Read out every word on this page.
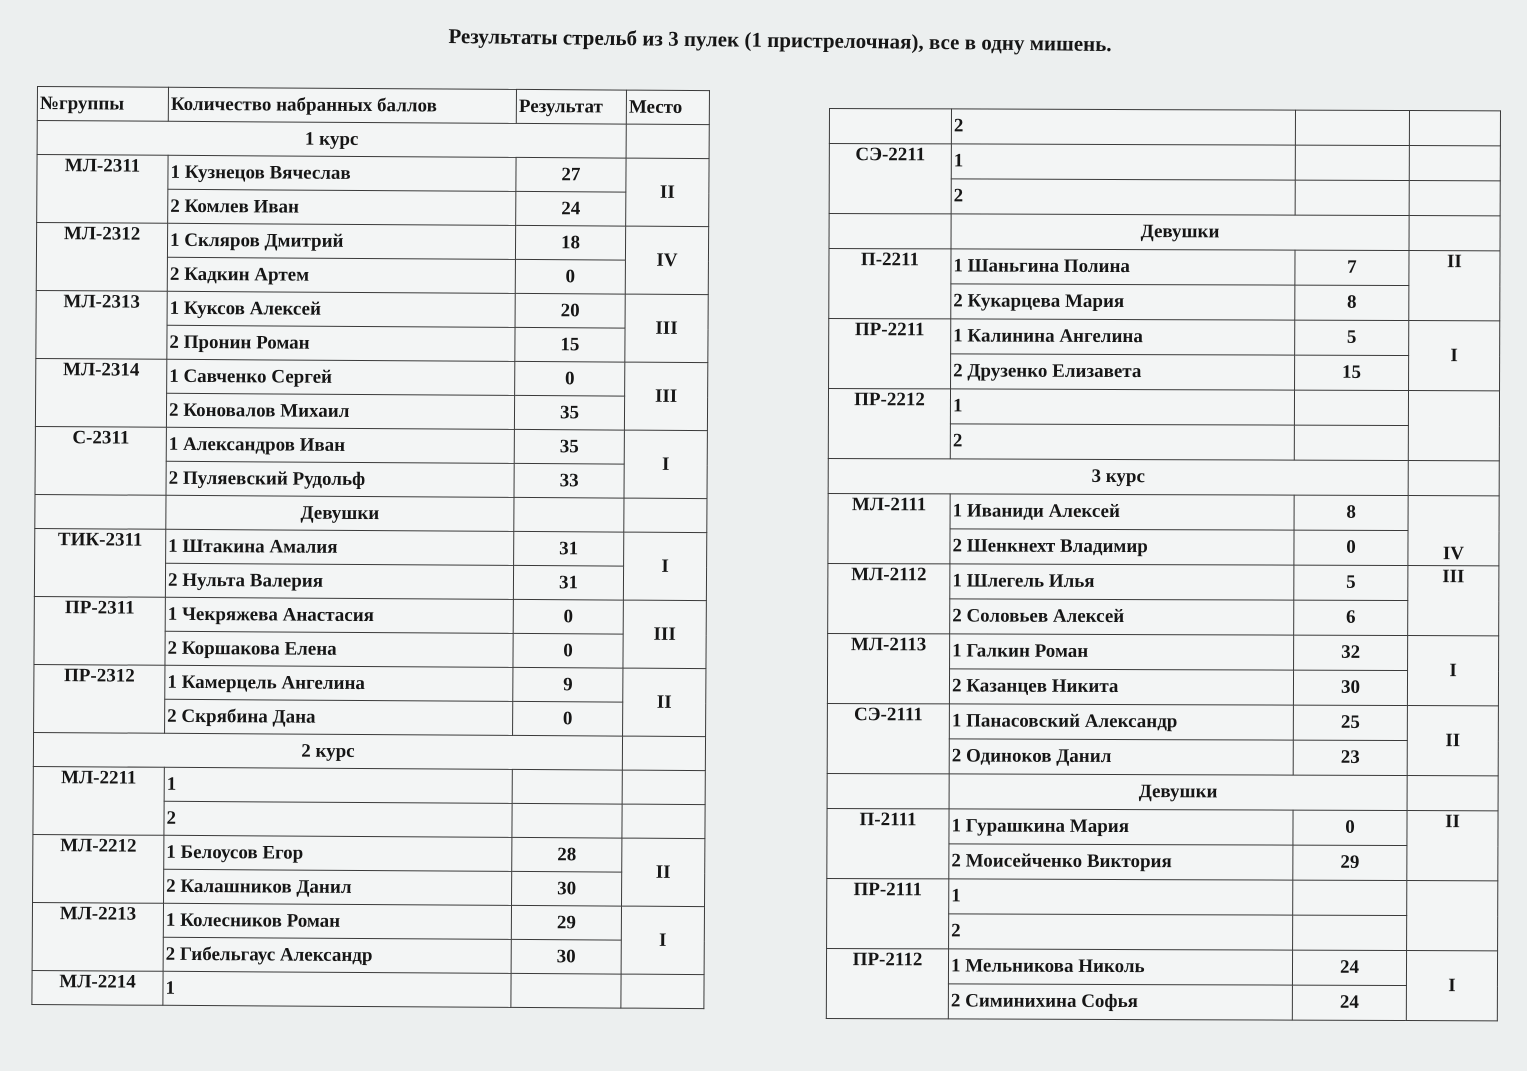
Результаты стрельб из 3 пулек (1 пристрелочная), все в одну мишень.
№группы	Количество набранных баллов	Результат	Место
1 курс			
МЛ-2311	1 Кузнецов Вячеслав	27	II
	2 Комлев Иван	24	
МЛ-2312	1 Скляров Дмитрий	18	IV
	2 Кадкин Артем	0	
МЛ-2313	1 Куксов Алексей	20	III
	2 Пронин Роман	15	
МЛ-2314	1 Савченко Сергей	0	III
	2 Коновалов Михаил	35	
С-2311	1 Александров Иван	35	I
	2 Пуляевский Рудольф	33	
	Девушки		
ТИК-2311	1 Штакина Амалия	31	I
	2 Нульта Валерия	31	
ПР-2311	1 Чекряжева Анастасия	0	III
	2 Коршакова Елена	0	
ПР-2312	1 Камерцель Ангелина	9	II
	2 Скрябина Дана	0	
2 курс			
МЛ-2211	1		
	2		
МЛ-2212	1 Белоусов Егор	28	II
	2 Калашников Данил	30	
МЛ-2213	1 Колесников Роман	29	I
	2 Гибельгаус Александр	30	
МЛ-2214	1		
	2		
СЭ-2211	1		
	2		
	Девушки		
П-2211	1 Шаньгина Полина	7	II
	2 Кукарцева Мария	8	
ПР-2211	1 Калинина Ангелина	5	I
	2 Друзенко Елизавета	15	
ПР-2212	1		
	2		
3 курс			
МЛ-2111	1 Иваниди Алексей	8	IV
	2 Шенкнехт Владимир	0	
МЛ-2112	1 Шлегель Илья	5	III
	2 Соловьев Алексей	6	
МЛ-2113	1 Галкин Роман	32	I
	2 Казанцев Никита	30	
СЭ-2111	1 Панасовский Александр	25	II
	2 Одиноков Данил	23	
	Девушки		
П-2111	1 Гурашкина Мария	0	II
	2 Моисейченко Виктория	29	
ПР-2111	1		
	2		
ПР-2112	1 Мельникова Николь	24	I
	2 Симинихина Софья	24	
